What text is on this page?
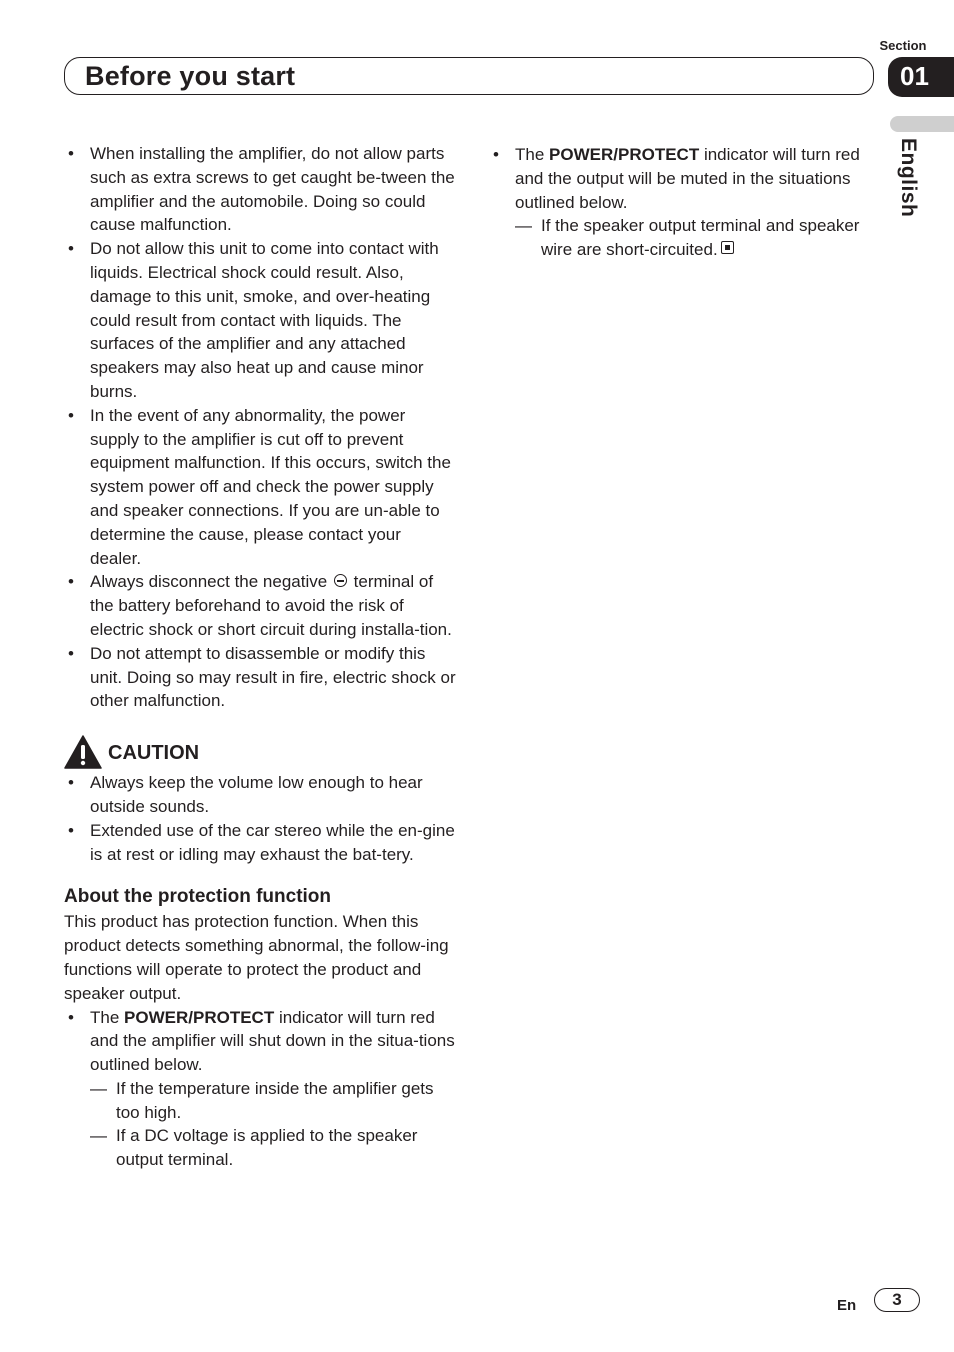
Section
Before you start	01
English
• When installing the amplifier, do not allow parts such as extra screws to get caught be-tween the amplifier and the automobile. Doing so could cause malfunction.
• Do not allow this unit to come into contact with liquids. Electrical shock could result. Also, damage to this unit, smoke, and over-heating could result from contact with liquids. The surfaces of the amplifier and any attached speakers may also heat up and cause minor burns.
• In the event of any abnormality, the power supply to the amplifier is cut off to prevent equipment malfunction. If this occurs, switch the system power off and check the power supply and speaker connections. If you are un-able to determine the cause, please contact your dealer.
• Always disconnect the negative terminal of the battery beforehand to avoid the risk of electric shock or short circuit during installa-tion.
• Do not attempt to disassemble or modify this unit. Doing so may result in fire, electric shock or other malfunction.
CAUTION
• Always keep the volume low enough to hear outside sounds.
• Extended use of the car stereo while the en-gine is at rest or idling may exhaust the bat-tery.
About the protection function

This product has protection function. When this product detects something abnormal, the follow-ing functions will operate to protect the product and speaker output.

• The POWER/PROTECT indicator will turn red and the amplifier will shut down in the situa-tions outlined below.
— If the temperature inside the amplifier gets too high.
— If a DC voltage is applied to the speaker output terminal.
• The POWER/PROTECT indicator will turn red and the output will be muted in the situations outlined below.
— If the speaker output terminal and speaker wire are short-circuited.
En	3
